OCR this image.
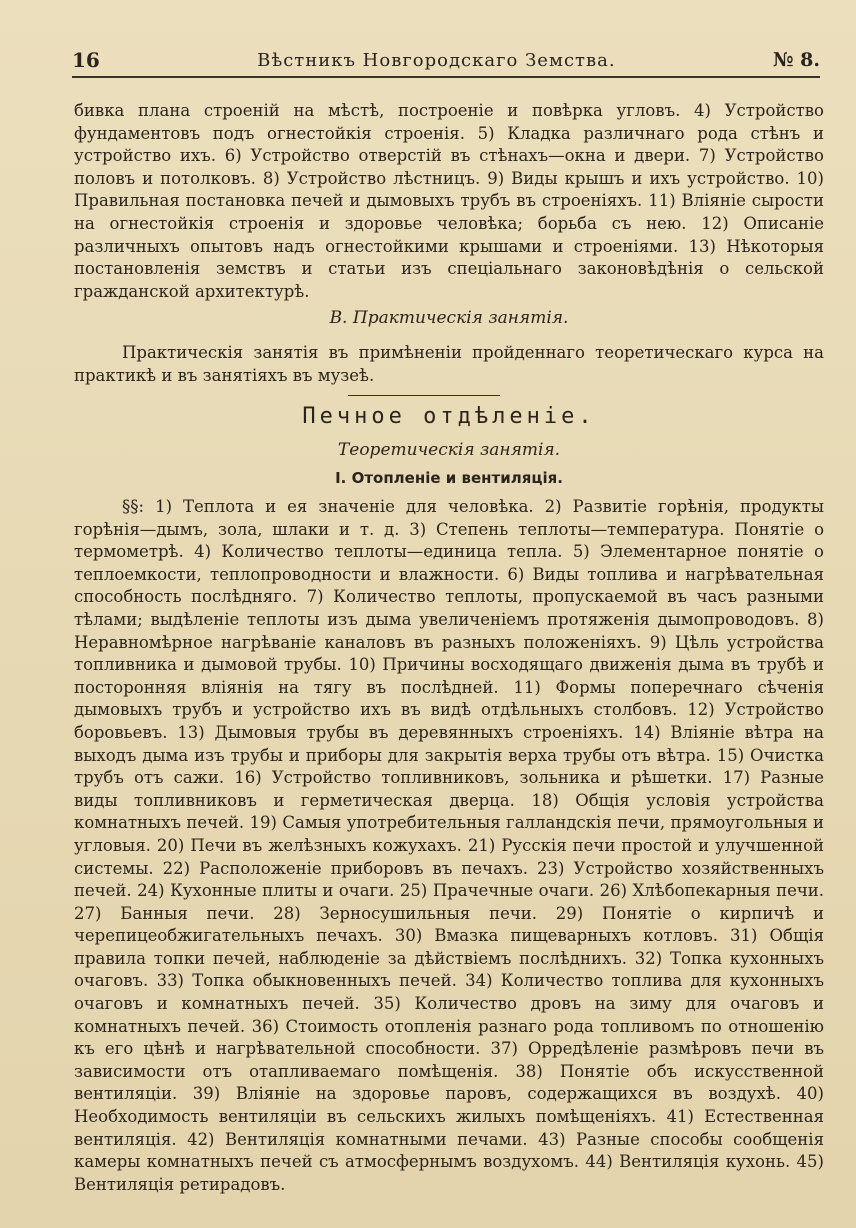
16	Вѣстникъ Новгородскаго Земства.	№ 8.
бивка плана строеній на мѣстѣ, построеніе и повѣрка угловъ. 4) Устройство фундаментовъ подъ огнестойкія строенія. 5) Кладка различнаго рода стѣнъ и устройство ихъ. 6) Устройство отверстій въ стѣнахъ—окна и двери. 7) Устройство половъ и потолковъ. 8) Устройство лѣстницъ. 9) Виды крышъ и ихъ устройство. 10) Правильная постановка печей и дымовыхъ трубъ въ строеніяхъ. 11) Вліяніе сырости на огнестойкія строенія и здоровье человѣка; борьба съ нею. 12) Описаніе различныхъ опытовъ надъ огнестойкими крышами и строеніями. 13) Нѣкоторыя постановленія земствъ и статьи изъ спеціальнаго законовѣдѣнія о сельской гражданской архитектурѣ.
В. Практическія занятія.
Практическія занятія въ примѣненіи пройденнаго теоретическаго курса на практикѣ и въ занятіяхъ въ музеѣ.
Печное отдѣленіе.
Теоретическія занятія.
I. Отопленіе и вентиляція.
§§: 1) Теплота и ея значеніе для человѣка. 2) Развитіе горѣнія, продукты горѣнія—дымъ, зола, шлаки и т. д. 3) Степень теплоты—температура. Понятіе о термометрѣ. 4) Количество теплоты—единица тепла. 5) Элементарное понятіе о теплоемкости, теплопроводности и влажности. 6) Виды топлива и нагрѣвательная способность послѣдняго. 7) Количество теплоты, пропускаемой въ часъ разными тѣлами; выдѣленіе теплоты изъ дыма увеличеніемъ протяженія дымопроводовъ. 8) Неравномѣрное нагрѣваніе каналовъ въ разныхъ положеніяхъ. 9) Цѣль устройства топливника и дымовой трубы. 10) Причины восходящаго движенія дыма въ трубѣ и посторонняя вліянія на тягу въ послѣдней. 11) Формы поперечнаго сѣченія дымовыхъ трубъ и устройство ихъ въ видѣ отдѣльныхъ столбовъ. 12) Устройство боровьевъ. 13) Дымовыя трубы въ деревянныхъ строеніяхъ. 14) Вліяніе вѣтра на выходъ дыма изъ трубы и приборы для закрытія верха трубы отъ вѣтра. 15) Очистка трубъ отъ сажи. 16) Устройство топливниковъ, зольника и рѣшетки. 17) Разные виды топливниковъ и герметическая дверца. 18) Общія условія устройства комнатныхъ печей. 19) Самыя употребительныя галландскія печи, прямоугольныя и угловыя. 20) Печи въ желѣзныхъ кожухахъ. 21) Русскія печи простой и улучшенной системы. 22) Расположеніе приборовъ въ печахъ. 23) Устройство хозяйственныхъ печей. 24) Кухонные плиты и очаги. 25) Прачечные очаги. 26) Хлѣбопекарныя печи. 27) Банныя печи. 28) Зерносушильныя печи. 29) Понятіе о кирпичѣ и черепицеобжигательныхъ печахъ. 30) Вмазка пищеварныхъ котловъ. 31) Общія правила топки печей, наблюденіе за дѣйствіемъ послѣднихъ. 32) Топка кухонныхъ очаговъ. 33) Топка обыкновенныхъ печей. 34) Количество топлива для кухонныхъ очаговъ и комнатныхъ печей. 35) Количество дровъ на зиму для очаговъ и комнатныхъ печей. 36) Стоимость отопленія разнаго рода топливомъ по отношенію къ его цѣнѣ и нагрѣвательной способности. 37) Opредѣленіе размѣровъ печи въ зависимости отъ отапливаемаго помѣщенія. 38) Понятіе объ искусственной вентиляціи. 39) Вліяніе на здоровье паровъ, содержащихся въ воздухѣ. 40) Необходимость вентиляціи въ сельскихъ жилыхъ помѣщеніяхъ. 41) Естественная вентиляція. 42) Вентиляція комнатными печами. 43) Разные способы сообщенія камеры комнатныхъ печей съ атмосфернымъ воздухомъ. 44) Вентиляція кухонь. 45) Вентиляція ретирадовъ.
